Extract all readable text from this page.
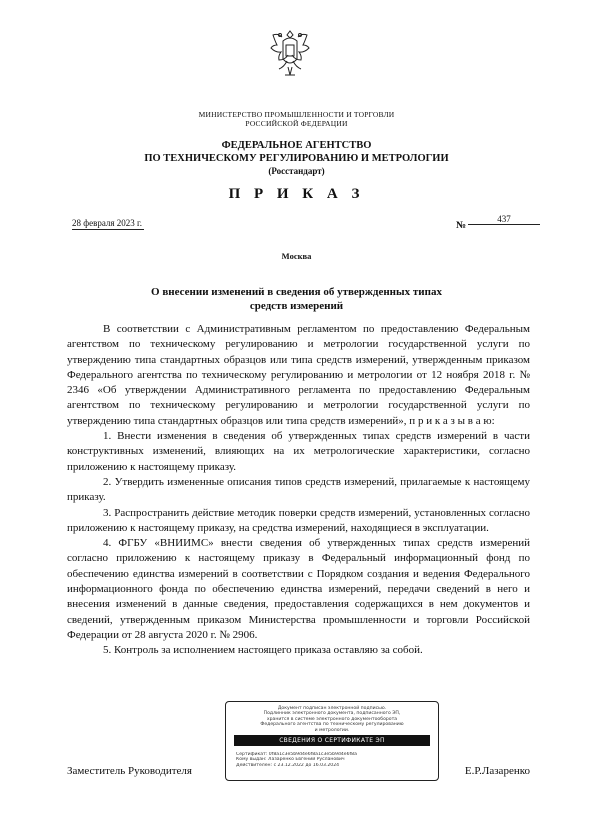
МИНИСТЕРСТВО ПРОМЫШЛЕННОСТИ И ТОРГОВЛИ
РОССИЙСКОЙ ФЕДЕРАЦИИ
ФЕДЕРАЛЬНОЕ АГЕНТСТВО
ПО ТЕХНИЧЕСКОМУ РЕГУЛИРОВАНИЮ И МЕТРОЛОГИИ
(Росстандарт)
П Р И К А З
28 февраля 2023 г.	№
437
Москва
О внесении изменений в сведения об утвержденных типах
средств измерений

В соответствии с Административным регламентом по предоставлению Федеральным агентством по техническому регулированию и метрологии государственной услуги по утверждению типа стандартных образцов или типа средств измерений, утвержденным приказом Федерального агентства по техническому регулированию и метрологии от 12 ноября 2018 г. № 2346 «Об утверждении Административного регламента по предоставлению Федеральным агентством по техническому регулированию и метрологии государственной услуги по утверждению типа стандартных образцов или типа средств измерений», п р и к а з ы в а ю:

1. Внести изменения в сведения об утвержденных типах средств измерений в части конструктивных изменений, влияющих на их метрологические характеристики, согласно приложению к настоящему приказу.

2. Утвердить измененные описания типов средств измерений, прилагаемые к настоящему приказу.

3. Распространить действие методик поверки средств измерений, установленных согласно приложению к настоящему приказу, на средства измерений, находящиеся в эксплуатации.

4. ФГБУ «ВНИИМС» внести сведения об утвержденных типах средств измерений согласно приложению к настоящему приказу в Федеральный информационный фонд по обеспечению единства измерений в соответствии с Порядком создания и ведения Федерального информационного фонда по обеспечению единства измерений, передачи сведений в него и внесения изменений в данные сведения, предоставления содержащихся в нем документов и сведений, утвержденным приказом Министерства промышленности и торговли Российской Федерации от 28 августа 2020 г. № 2906.

5. Контроль за исполнением настоящего приказа оставляю за собой.

Заместитель Руководителя	Е.Р.Лазаренко
Документ подписан электронной подписью.
Подлинник электронного документа, подписанного ЭП,
хранится в системе электронного документооборота
Федерального агентства по техническому регулированию
и метрологии.
СВЕДЕНИЯ О СЕРТИФИКАТЕ ЭП
Сертификат: 0f8a1c3e5b9d4e6f8a1c3e5b9d4e6f8a
Кому выдан: Лазаренко Евгений Русланович
Действителен: с 23.12.2022 до 16.03.2024
